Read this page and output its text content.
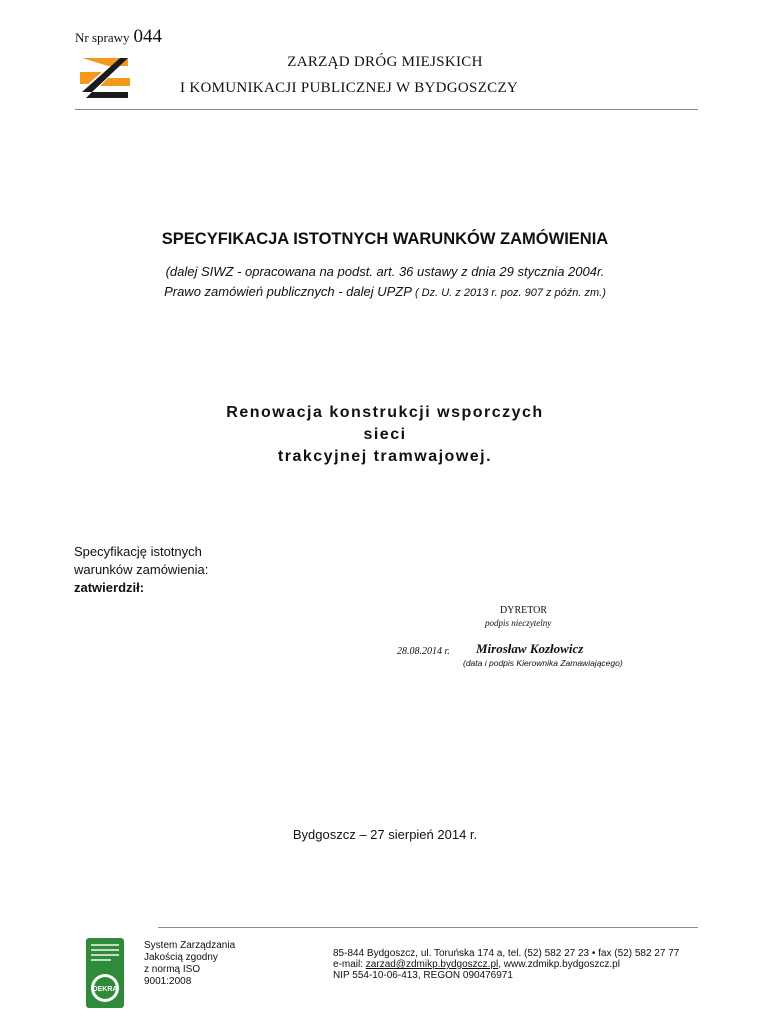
Nr sprawy 044
ZARZĄD DRÓG MIEJSKICH
I KOMUNIKACJI PUBLICZNEJ W BYDGOSZCZY
SPECYFIKACJA ISTOTNYCH WARUNKÓW ZAMÓWIENIA
(dalej SIWZ - opracowana na podst. art. 36 ustawy z dnia 29 stycznia 2004r.
Prawo zamówień publicznych - dalej UPZP ( Dz. U. z 2013 r. poz. 907 z późn. zm.)
Renowacja konstrukcji wsporczych
sieci
trakcyjnej tramwajowej.
Specyfikację istotnych
warunków zamówienia:
zatwierdził:
DYRETOR
podpis nieczytelny
28.08.2014 r. Mirosław Kozłowicz
(data i podpis Kierownika Zamawiającego)
Bydgoszcz – 27 sierpień 2014 r.
DEKRA
System Zarządzania
Jakością zgodny
z normą ISO
9001:2008
85-844 Bydgoszcz, ul. Toruńska 174 a, tel. (52) 582 27 23 • fax (52) 582 27 77
e-mail: zarzad@zdmikp.bydgoszcz.pl, www.zdmikp.bydgoszcz.pl
NIP 554-10-06-413, REGON 090476971
